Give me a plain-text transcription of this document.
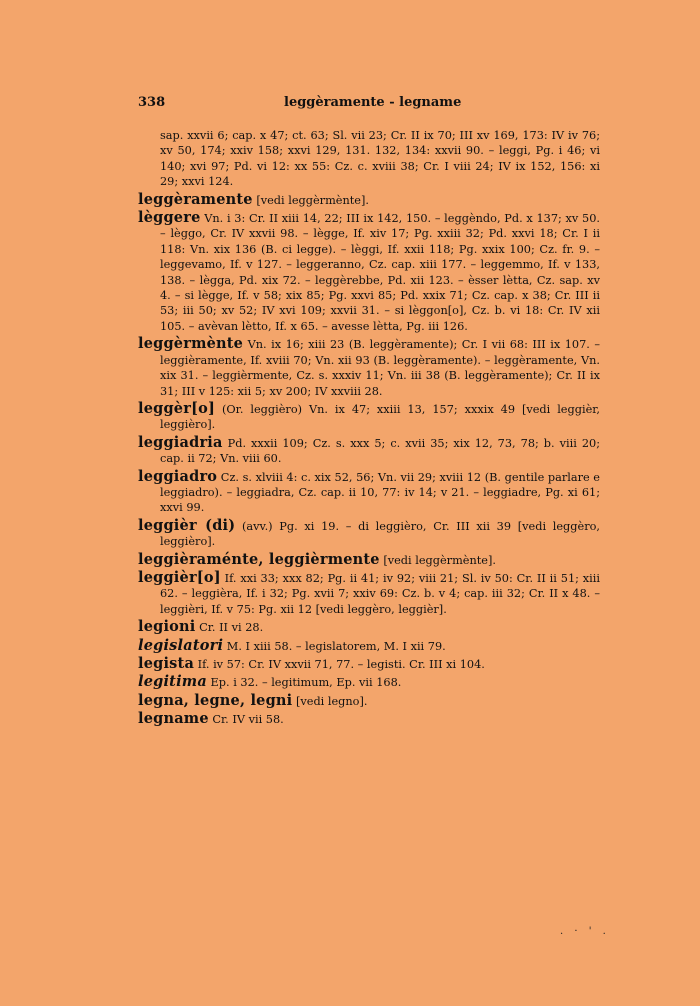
338	leggèramente - legname

sap. xxvii 6; cap. x 47; ct. 63; Sl. vii 23; Cr. II ix 70; III xv 169, 173: IV iv 76; xv 50, 174; xxiv 158; xxvi 129, 131. 132, 134: xxvii 90. – leggi, Pg. i 46; vi 140; xvi 97; Pd. vi 12: xx 55: Cz. c. xviii 38; Cr. I viii 24; IV ix 152, 156: xi 29; xxvi 124.

leggèramente [vedi leggèrmènte].

lèggere Vn. i 3: Cr. II xiii 14, 22; III ix 142, 150. – leggèndo, Pd. x 137; xv 50. – lèggo, Cr. IV xxvii 98. – lègge, If. xiv 17; Pg. xxiii 32; Pd. xxvi 18; Cr. I ii 118: Vn. xix 136 (B. ci legge). – lèggi, If. xxii 118; Pg. xxix 100; Cz. fr. 9. – leggevamo, If. v 127. – leggeranno, Cz. cap. xiii 177. – leggemmo, If. v 133, 138. – lègga, Pd. xix 72. – leggèrebbe, Pd. xii 123. – èsser lètta, Cz. sap. xv 4. – si lègge, If. v 58; xix 85; Pg. xxvi 85; Pd. xxix 71; Cz. cap. x 38; Cr. III ii 53; iii 50; xv 52; IV xvi 109; xxvii 31. – si lèggon[o], Cz. b. vi 18: Cr. IV xii 105. – avèvan lètto, If. x 65. – avesse lètta, Pg. iii 126.

leggèrmènte Vn. ix 16; xiii 23 (B. leggèramente); Cr. I vii 68: III ix 107. – leggièramente, If. xviii 70; Vn. xii 93 (B. leggèramente). – leggèramente, Vn. xix 31. – leggièrmente, Cz. s. xxxiv 11; Vn. iii 38 (B. leggèramente); Cr. II ix 31; III v 125: xii 5; xv 200; IV xxviii 28.

leggèr[o] (Or. leggièro) Vn. ix 47; xxiii 13, 157; xxxix 49 [vedi leggièr, leggièro].

leggiadria Pd. xxxii 109; Cz. s. xxx 5; c. xvii 35; xix 12, 73, 78; b. viii 20; cap. ii 72; Vn. viii 60.

leggiadro Cz. s. xlviii 4: c. xix 52, 56; Vn. vii 29; xviii 12 (B. gentile parlare e leggiadro). – leggiadra, Cz. cap. ii 10, 77: iv 14; v 21. – leggiadre, Pg. xi 61; xxvi 99.

leggièr (di) (avv.) Pg. xi 19. – di leggièro, Cr. III xii 39 [vedi leggèro, leggièro].

leggièraménte, leggièrmente [vedi leggèrmènte].

leggièr[o] If. xxi 33; xxx 82; Pg. ii 41; iv 92; viii 21; Sl. iv 50: Cr. II ii 51; xiii 62. – leggièra, If. i 32; Pg. xvii 7; xxiv 69: Cz. b. v 4; cap. iii 32; Cr. II x 48. – leggièri, If. v 75: Pg. xii 12 [vedi leggèro, leggièr].

legioni Cr. II vi 28.

legislatori M. I xiii 58. – legislatorem, M. I xii 79.

legista If. iv 57: Cr. IV xxvii 71, 77. – legisti. Cr. III xi 104.

legitima Ep. i 32. – legitimum, Ep. vii 168.

legna, legne, legni [vedi legno].

legname Cr. IV vii 58.

. · ' .
